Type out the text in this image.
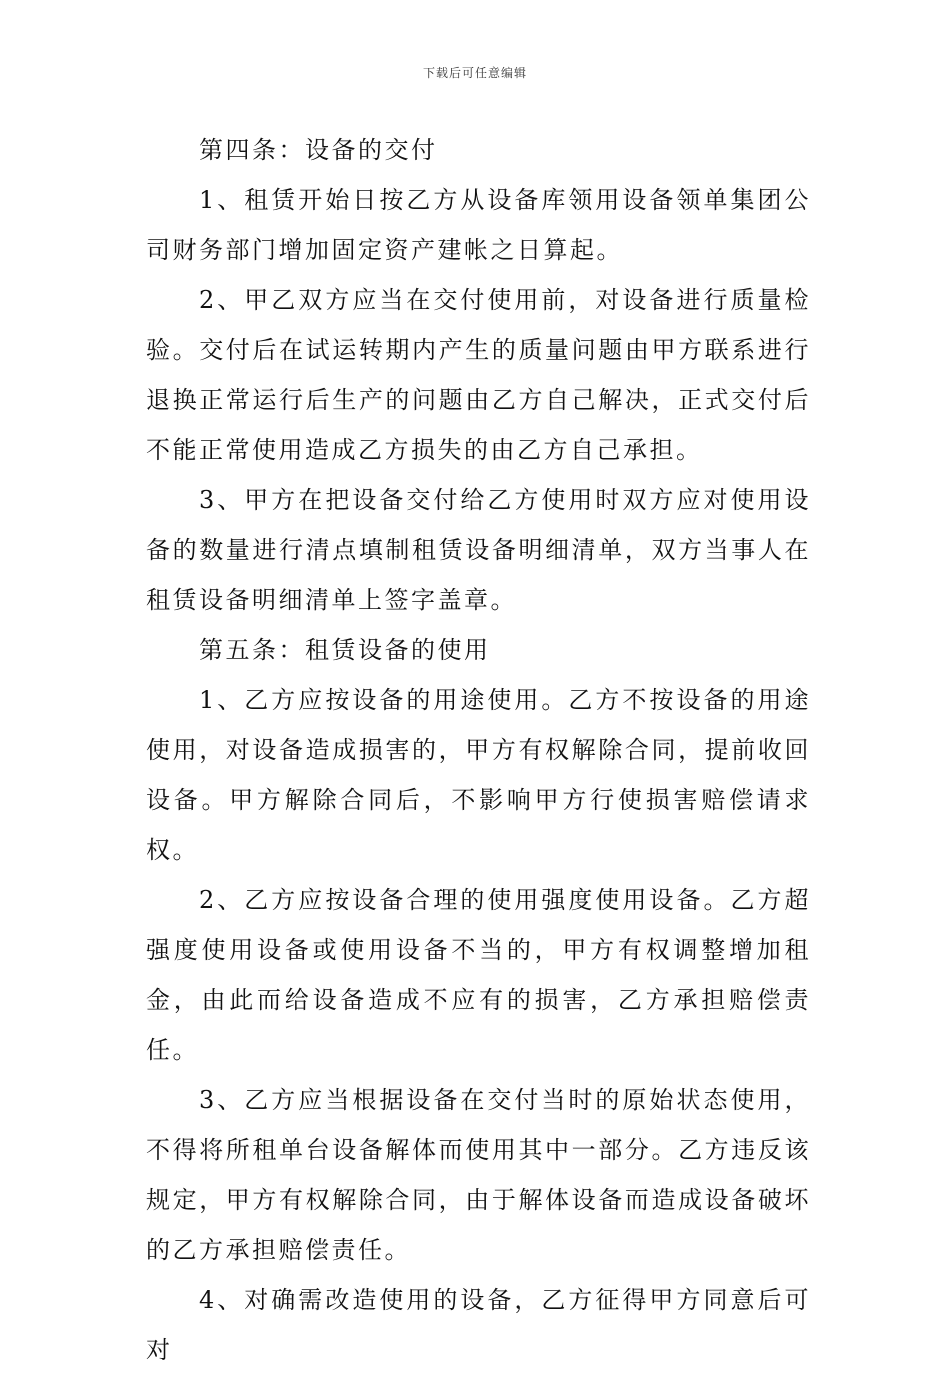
下载后可任意编辑

第四条：设备的交付

1、租赁开始日按乙方从设备库领用设备领单集团公司财务部门增加固定资产建帐之日算起。

2、甲乙双方应当在交付使用前，对设备进行质量检验。交付后在试运转期内产生的质量问题由甲方联系进行退换正常运行后生产的问题由乙方自己解决，正式交付后不能正常使用造成乙方损失的由乙方自己承担。

3、甲方在把设备交付给乙方使用时双方应对使用设备的数量进行清点填制租赁设备明细清单，双方当事人在租赁设备明细清单上签字盖章。

第五条：租赁设备的使用

1、乙方应按设备的用途使用。乙方不按设备的用途使用，对设备造成损害的，甲方有权解除合同，提前收回设备。甲方解除合同后，不影响甲方行使损害赔偿请求权。

2、乙方应按设备合理的使用强度使用设备。乙方超强度使用设备或使用设备不当的，甲方有权调整增加租金，由此而给设备造成不应有的损害，乙方承担赔偿责任。

3、乙方应当根据设备在交付当时的原始状态使用，不得将所租单台设备解体而使用其中一部分。乙方违反该规定，甲方有权解除合同，由于解体设备而造成设备破坏的乙方承担赔偿责任。

4、对确需改造使用的设备，乙方征得甲方同意后可对
